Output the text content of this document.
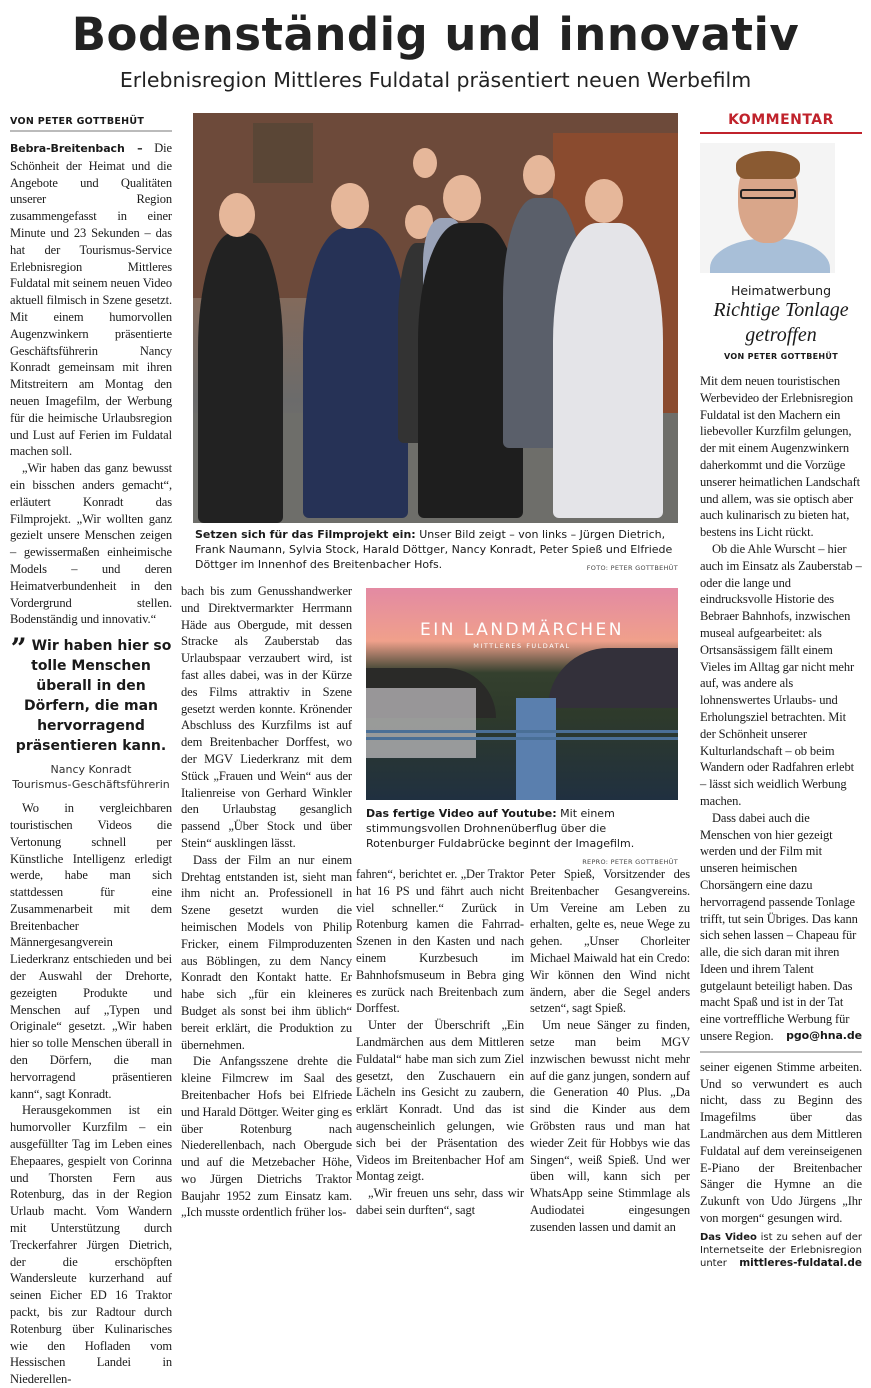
Bodenständig und innovativ
Erlebnisregion Mittleres Fuldatal präsentiert neuen Werbefilm
VON PETER GOTTBEHÜT

Bebra-Breitenbach – Die Schönheit der Heimat und die Angebote und Qualitäten unserer Region zusammengefasst in einer Minute und 23 Sekunden – das hat der Tourismus-Service Erlebnisregion Mittleres Fuldatal mit seinem neuen Video aktuell filmisch in Szene gesetzt. Mit einem humorvollen Augenzwinkern präsentierte Geschäftsführerin Nancy Konradt gemeinsam mit ihren Mitstreitern am Montag den neuen Imagefilm, der Werbung für die heimische Urlaubsregion und Lust auf Ferien im Fuldatal machen soll.

„Wir haben das ganz bewusst ein bisschen anders gemacht“, erläutert Konradt das Filmprojekt. „Wir wollten ganz gezielt unsere Menschen zeigen – gewissermaßen einheimische Models – und deren Heimatverbundenheit in den Vordergrund stellen. Bodenständig und innovativ.“

” Wir haben hier so tolle Menschen überall in den Dörfern, die man hervorragend präsentieren kann.
Nancy Konradt
Tourismus-Geschäftsführerin

Wo in vergleichbaren touristischen Videos die Vertonung schnell per Künstliche Intelligenz erledigt werde, habe man sich stattdessen für eine Zusammenarbeit mit dem Breitenbacher Männergesangverein Liederkranz entschieden und bei der Auswahl der Drehorte, gezeigten Produkte und Menschen auf „Typen und Originale“ gesetzt. „Wir haben hier so tolle Menschen überall in den Dörfern, die man hervorragend präsentieren kann“, sagt Konradt.

Herausgekommen ist ein humorvoller Kurzfilm – ein ausgefüllter Tag im Leben eines Ehepaares, gespielt von Corinna und Thorsten Fern aus Rotenburg, das in der Region Urlaub macht. Vom Wandern mit Unterstützung durch Treckerfahrer Jürgen Dietrich, der die erschöpften Wandersleute kurzerhand auf seinen Eicher ED 16 Traktor packt, bis zur Radtour durch Rotenburg über Kulinarisches wie den Hofladen vom Hessischen Landei in Niederellen-

Setzen sich für das Filmprojekt ein: Unser Bild zeigt – von links – Jürgen Dietrich, Frank Naumann, Sylvia Stock, Harald Döttger, Nancy Konradt, Peter Spieß und Elfriede Döttger im Innenhof des Breitenbacher Hofs.	FOTO: PETER GOTTBEHÜT

bach bis zum Genusshandwerker und Direktvermarkter Herrmann Häde aus Obergude, mit dessen Stracke als Zauberstab das Urlaubspaar verzaubert wird, ist fast alles dabei, was in der Kürze des Films attraktiv in Szene gesetzt werden konnte. Krönender Abschluss des Kurzfilms ist auf dem Breitenbacher Dorffest, wo der MGV Liederkranz mit dem Stück „Frauen und Wein“ aus der Italienreise von Gerhard Winkler den Urlaubstag gesanglich passend „Über Stock und über Stein“ ausklingen lässt.

Dass der Film an nur einem Drehtag entstanden ist, sieht man ihm nicht an. Professionell in Szene gesetzt wurden die heimischen Models von Philip Fricker, einem Filmproduzenten aus Böblingen, zu dem Nancy Konradt den Kontakt hatte. Er habe sich „für ein kleineres Budget als sonst bei ihm üblich“ bereit erklärt, die Produktion zu übernehmen.

Die Anfangsszene drehte die kleine Filmcrew im Saal des Breitenbacher Hofs bei Elfriede und Harald Döttger. Weiter ging es über Rotenburg nach Niederellenbach, nach Obergude und auf die Metzebacher Höhe, wo Jürgen Dietrichs Traktor Baujahr 1952 zum Einsatz kam. „Ich musste ordentlich früher los-

EIN LANDMÄRCHEN
MITTLERES FULDATAL
Das fertige Video auf Youtube: Mit einem stimmungsvollen Drohnenüberflug über die Rotenburger Fuldabrücke beginnt der Imagefilm.
REPRO: PETER GOTTBEHÜT

fahren“, berichtet er. „Der Traktor hat 16 PS und fährt auch nicht viel schneller.“ Zurück in Rotenburg kamen die Fahrrad-Szenen in den Kasten und nach einem Kurzbesuch im Bahnhofsmuseum in Bebra ging es zurück nach Breitenbach zum Dorffest.

Unter der Überschrift „Ein Landmärchen aus dem Mittleren Fuldatal“ habe man sich zum Ziel gesetzt, den Zuschauern ein Lächeln ins Gesicht zu zaubern, erklärt Konradt. Und das ist augenscheinlich gelungen, wie sich bei der Präsentation des Videos im Breitenbacher Hof am Montag zeigt.

„Wir freuen uns sehr, dass wir dabei sein durften“, sagt

Peter Spieß, Vorsitzender des Breitenbacher Gesangvereins. Um Vereine am Leben zu erhalten, gelte es, neue Wege zu gehen. „Unser Chorleiter Michael Maiwald hat ein Credo: Wir können den Wind nicht ändern, aber die Segel anders setzen“, sagt Spieß.

Um neue Sänger zu finden, setze man beim MGV inzwischen bewusst nicht mehr auf die ganz jungen, sondern auf die Generation 40 Plus. „Da sind die Kinder aus dem Gröbsten raus und man hat wieder Zeit für Hobbys wie das Singen“, weiß Spieß. Und wer üben will, kann sich per WhatsApp seine Stimmlage als Audiodatei eingesungen zusenden lassen und damit an

KOMMENTAR
Heimatwerbung
Richtige Tonlage getroffen
VON PETER GOTTBEHÜT

Mit dem neuen touristischen Werbevideo der Erlebnisregion Fuldatal ist den Machern ein liebevoller Kurzfilm gelungen, der mit einem Augenzwinkern daherkommt und die Vorzüge unserer heimatlichen Landschaft und allem, was sie optisch aber auch kulinarisch zu bieten hat, bestens ins Licht rückt.

Ob die Ahle Wurscht – hier auch im Einsatz als Zauberstab – oder die lange und eindrucksvolle Historie des Bebraer Bahnhofs, inzwischen museal aufgearbeitet: als Ortsansässigem fällt einem Vieles im Alltag gar nicht mehr auf, was andere als lohnenswertes Urlaubs- und Erholungsziel betrachten. Mit der Schönheit unserer Kulturlandschaft – ob beim Wandern oder Radfahren erlebt – lässt sich weidlich Werbung machen.

Dass dabei auch die Menschen von hier gezeigt werden und der Film mit unseren heimischen Chorsängern eine dazu hervorragend passende Tonlage trifft, tut sein Übriges. Das kann sich sehen lassen – Chapeau für alle, die sich daran mit ihren Ideen und ihrem Talent gutgelaunt beteiligt haben. Das macht Spaß und ist in der Tat eine vortreffliche Werbung für unsere Region.	pgo@hna.de

seiner eigenen Stimme arbeiten. Und so verwundert es auch nicht, dass zu Beginn des Imagefilms über das Landmärchen aus dem Mittleren Fuldatal auf dem vereinseigenen E-Piano der Breitenbacher Sänger die Hymne an die Zukunft von Udo Jürgens „Ihr von morgen“ gesungen wird.
Das Video ist zu sehen auf der Internetseite der Erlebnisregion unter mittleres-fuldatal.de
